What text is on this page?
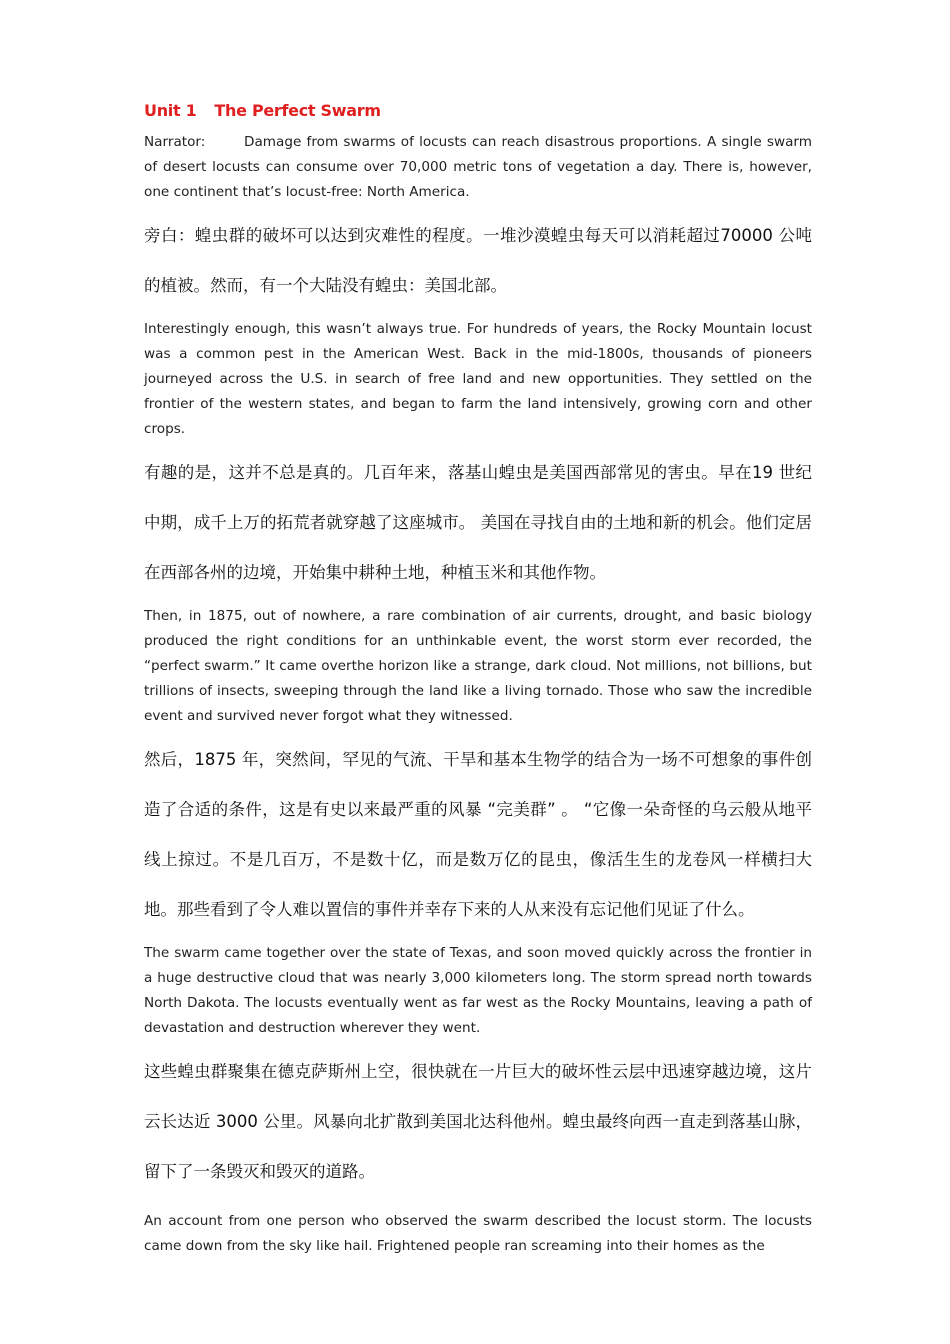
Unit 1 The Perfect Swarm

Narrator:	Damage from swarms of locusts can reach disastrous proportions. A single swarm of desert locusts can consume over 70,000 metric tons of vegetation a day. There is, however, one continent that’s locust-free: North America.

旁白：蝗虫群的破坏可以达到灾难性的程度。一堆沙漠蝗虫每天可以消耗超过70000 公吨的植被。然而，有一个大陆没有蝗虫：美国北部。

Interestingly enough, this wasn’t always true. For hundreds of years, the Rocky Mountain locust was a common pest in the American West. Back in the mid-1800s, thousands of pioneers journeyed across the U.S. in search of free land and new opportunities. They settled on the frontier of the western states, and began to farm the land intensively, growing corn and other crops.

有趣的是，这并不总是真的。几百年来，落基山蝗虫是美国西部常见的害虫。早在19 世纪中期，成千上万的拓荒者就穿越了这座城市。 美国在寻找自由的土地和新的机会。他们定居在西部各州的边境，开始集中耕种土地，种植玉米和其他作物。

Then, in 1875, out of nowhere, a rare combination of air currents, drought, and basic biology produced the right conditions for an unthinkable event, the worst storm ever recorded, the “perfect swarm.” It came overthe horizon like a strange, dark cloud. Not millions, not billions, but trillions of insects, sweeping through the land like a living tornado. Those who saw the incredible event and survived never forgot what they witnessed.

然后，1875 年，突然间，罕见的气流、干旱和基本生物学的结合为一场不可想象的事件创造了合适的条件，这是有史以来最严重的风暴 “完美群” 。 “它像一朵奇怪的乌云般从地平线上掠过。不是几百万，不是数十亿，而是数万亿的昆虫，像活生生的龙卷风一样横扫大地。那些看到了令人难以置信的事件并幸存下来的人从来没有忘记他们见证了什么。

The swarm came together over the state of Texas, and soon moved quickly across the frontier in a huge destructive cloud that was nearly 3,000 kilometers long. The storm spread north towards North Dakota. The locusts eventually went as far west as the Rocky Mountains, leaving a path of devastation and destruction wherever they went.

这些蝗虫群聚集在德克萨斯州上空，很快就在一片巨大的破坏性云层中迅速穿越边境，这片云长达近 3000 公里。风暴向北扩散到美国北达科他州。蝗虫最终向西一直走到落基山脉，留下了一条毁灭和毁灭的道路。

An account from one person who observed the swarm described the locust storm. The locusts came down from the sky like hail. Frightened people ran screaming into their homes as the
